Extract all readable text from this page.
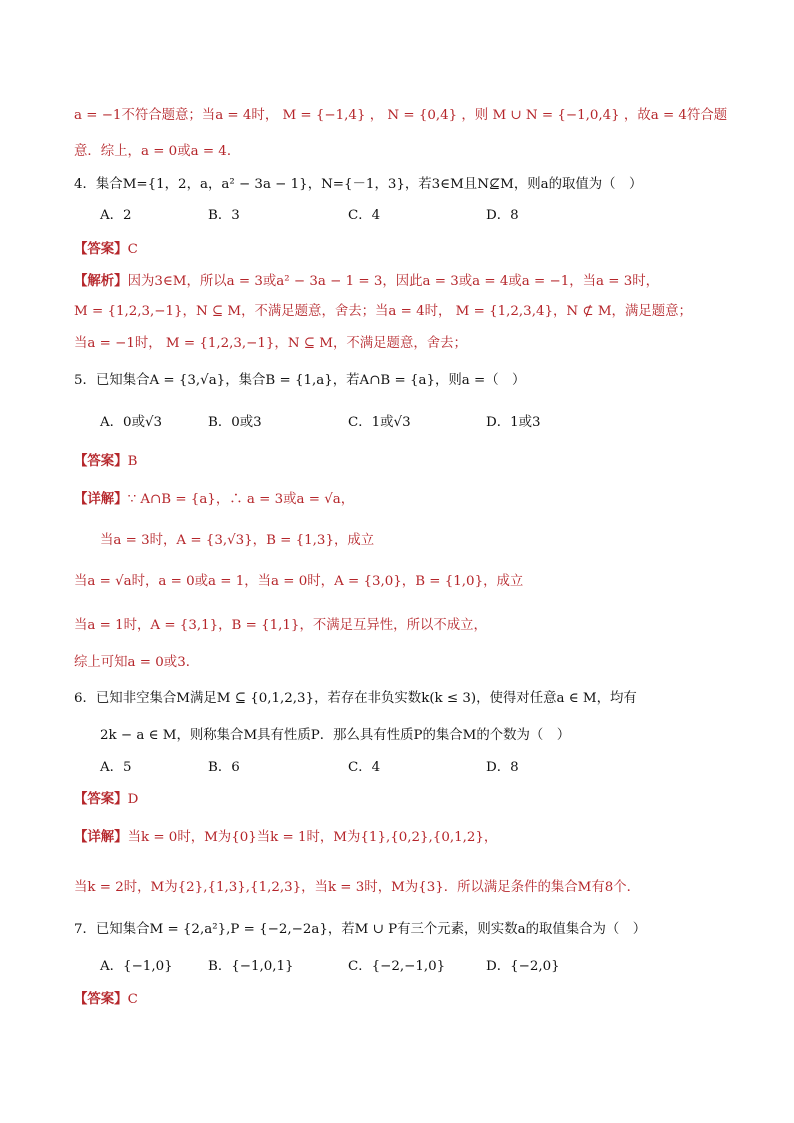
a = −1不符合题意；当a = 4时， M = {−1,4} ， N = {0,4} ，则 M ∪ N = {−1,0,4} ，故a = 4符合题
意．综上，a = 0或a = 4．
4．集合M={1，2，a，a² − 3a − 1}，N={－1，3}，若3∈M且N⊈M，则a的取值为（　）
A．2	B．3	C．4	D．8
【答案】C
【解析】因为3∈M，所以a = 3或a² − 3a − 1 = 3，因此a = 3或a = 4或a = −1，当a = 3时，
M = {1,2,3,−1}，N ⊆ M，不满足题意，舍去；当a = 4时， M = {1,2,3,4}，N ⊄ M，满足题意；
当a = −1时， M = {1,2,3,−1}，N ⊆ M，不满足题意，舍去；
5．已知集合A = {3,√a}，集合B = {1,a}，若A∩B = {a}，则a =（　）
A．0或√3	B．0或3	C．1或√3	D．1或3
【答案】B
【详解】∵ A∩B = {a}，∴ a = 3或a = √a，
当a = 3时，A = {3,√3}，B = {1,3}，成立
当a = √a时，a = 0或a = 1，当a = 0时，A = {3,0}，B = {1,0}，成立
当a = 1时，A = {3,1}，B = {1,1}，不满足互异性，所以不成立，
综上可知a = 0或3．
6．已知非空集合M满足M ⊆ {0,1,2,3}，若存在非负实数k(k ≤ 3)，使得对任意a ∈ M，均有
2k − a ∈ M，则称集合M具有性质P．那么具有性质P的集合M的个数为（　）
A．5	B．6	C．4	D．8
【答案】D
【详解】当k = 0时，M为{0}当k = 1时，M为{1},{0,2},{0,1,2}，
当k = 2时，M为{2},{1,3},{1,2,3}，当k = 3时，M为{3}．所以满足条件的集合M有8个．
7．已知集合M = {2,a²},P = {−2,−2a}，若M ∪ P有三个元素，则实数a的取值集合为（　）
A．{−1,0}	B．{−1,0,1}	C．{−2,−1,0}	D．{−2,0}
【答案】C
